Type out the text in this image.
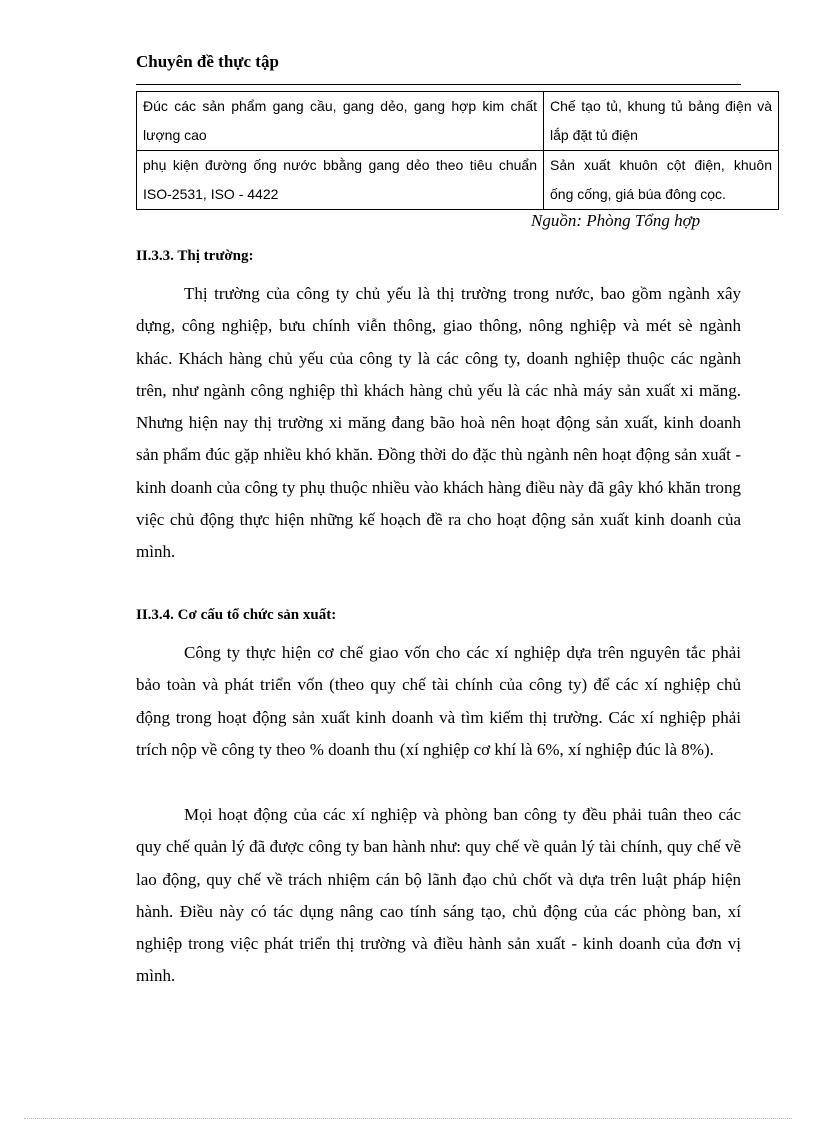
Chuyên đề thực tập
Đúc các sản phẩm gang cầu, gang dẻo, gang hợp kim chất lượng cao	Chế tạo tủ, khung tủ bảng điện và lắp đặt tủ điện
phụ kiện đường ống nước bbằng gang dẻo theo tiêu chuẩn ISO-2531, ISO - 4422	Sản xuất khuôn cột điện, khuôn ống cống, giá búa đông cọc.
Nguồn: Phòng Tổng hợp
II.3.3. Thị trường:
Thị trường của công ty chủ yếu là thị trường trong nước, bao gồm ngành xây dựng, công nghiệp, bưu chính viễn thông, giao thông, nông nghiệp và mét sè ngành khác. Khách hàng chủ yếu của công ty là các công ty, doanh nghiệp thuộc các ngành trên, như ngành công nghiệp thì khách hàng chủ yếu là các nhà máy sản xuất xi măng. Nhưng hiện nay thị trường xi măng đang bão hoà nên hoạt động sản xuất, kinh doanh sản phẩm đúc gặp nhiều khó khăn. Đồng thời do đặc thù ngành nên hoạt động sản xuất - kinh doanh của công ty phụ thuộc nhiều vào khách hàng điều này đã gây khó khăn trong việc chủ động thực hiện những kế hoạch đề ra cho hoạt động sản xuất kinh doanh của mình.
II.3.4. Cơ cấu tổ chức sản xuất:
Công ty thực hiện cơ chế giao vốn cho các xí nghiệp dựa trên nguyên tắc phải bảo toàn và phát triển vốn (theo quy chế tài chính của công ty) để các xí nghiệp chủ động trong hoạt động sản xuất kinh doanh và tìm kiếm thị trường. Các xí nghiệp phải trích nộp về công ty theo % doanh thu (xí nghiệp cơ khí là 6%, xí nghiệp đúc là 8%).
Mọi hoạt động của các xí nghiệp và phòng ban công ty đều phải tuân theo các quy chế quản lý đã được công ty ban hành như: quy chế về quản lý tài chính, quy chế về lao động, quy chế về trách nhiệm cán bộ lãnh đạo chủ chốt và dựa trên luật pháp hiện hành. Điều này có tác dụng nâng cao tính sáng tạo, chủ động của các phòng ban, xí nghiệp trong việc phát triển thị trường và điều hành sản xuất - kinh doanh của đơn vị mình.
